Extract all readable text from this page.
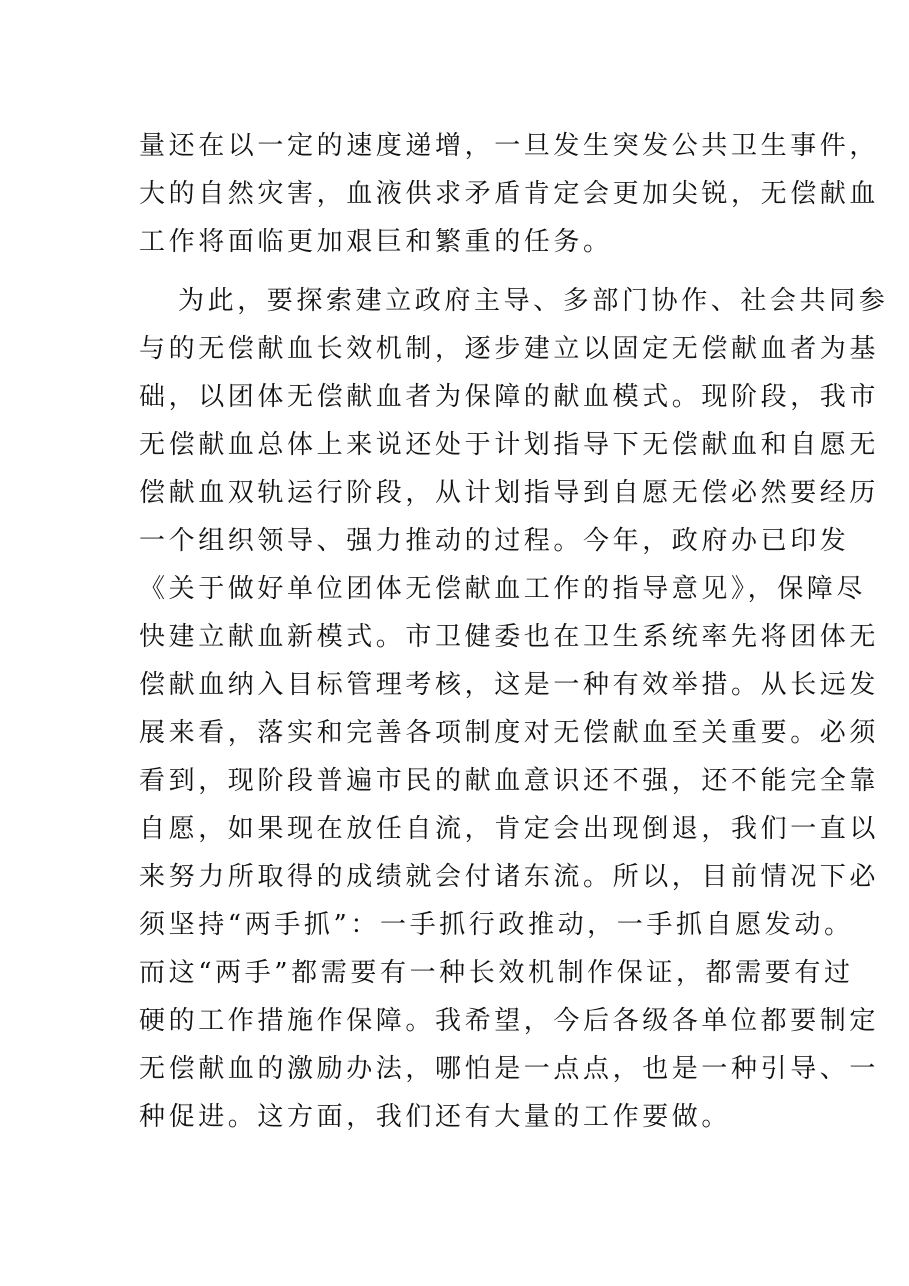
量还在以一定的速度递增，一旦发生突发公共卫生事件，
大的自然灾害，血液供求矛盾肯定会更加尖锐，无偿献血
工作将面临更加艰巨和繁重的任务。
为此，要探索建立政府主导、多部门协作、社会共同参
与的无偿献血长效机制，逐步建立以固定无偿献血者为基
础，以团体无偿献血者为保障的献血模式。现阶段，我市
无偿献血总体上来说还处于计划指导下无偿献血和自愿无
偿献血双轨运行阶段，从计划指导到自愿无偿必然要经历
一个组织领导、强力推动的过程。今年，政府办已印发
《关于做好单位团体无偿献血工作的指导意见》，保障尽
快建立献血新模式。市卫健委也在卫生系统率先将团体无
偿献血纳入目标管理考核，这是一种有效举措。从长远发
展来看，落实和完善各项制度对无偿献血至关重要。必须
看到，现阶段普遍市民的献血意识还不强，还不能完全靠
自愿，如果现在放任自流，肯定会出现倒退，我们一直以
来努力所取得的成绩就会付诸东流。所以，目前情况下必
须坚持“两手抓”：一手抓行政推动，一手抓自愿发动。
而这“两手”都需要有一种长效机制作保证，都需要有过
硬的工作措施作保障。我希望，今后各级各单位都要制定
无偿献血的激励办法，哪怕是一点点，也是一种引导、一
种促进。这方面，我们还有大量的工作要做。
